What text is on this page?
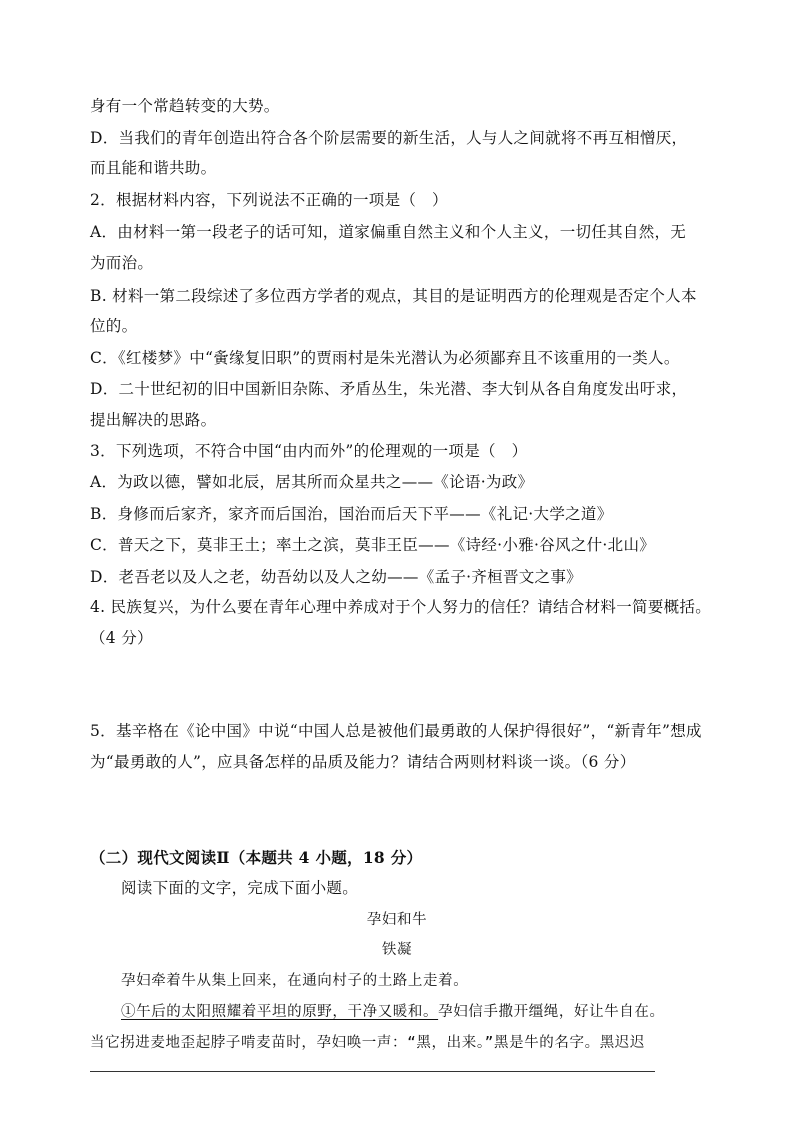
身有一个常趋转变的大势。
D．当我们的青年创造出符合各个阶层需要的新生活，人与人之间就将不再互相憎厌，
而且能和谐共助。
2．根据材料内容，下列说法不正确的一项是（　）
A．由材料一第一段老子的话可知，道家偏重自然主义和个人主义，一切任其自然，无
为而治。
B. 材料一第二段综述了多位西方学者的观点，其目的是证明西方的伦理观是否定个人本
位的。
C．《红楼梦》中“夤缘复旧职”的贾雨村是朱光潜认为必须鄙弃且不该重用的一类人。
D．二十世纪初的旧中国新旧杂陈、矛盾丛生，朱光潜、李大钊从各自角度发出吁求，
提出解决的思路。
3．下列选项，不符合中国“由内而外”的伦理观的一项是（　）
A．为政以德，譬如北辰，居其所而众星共之——《论语·为政》
B．身修而后家齐，家齐而后国治，国治而后天下平——《礼记·大学之道》
C．普天之下，莫非王土；率土之滨，莫非王臣——《诗经·小雅·谷风之什·北山》
D．老吾老以及人之老，幼吾幼以及人之幼——《孟子·齐桓晋文之事》
4. 民族复兴，为什么要在青年心理中养成对于个人努力的信任？请结合材料一简要概括。
（4 分）
5．基辛格在《论中国》中说“中国人总是被他们最勇敢的人保护得很好”，“新青年”想成
为“最勇敢的人”，应具备怎样的品质及能力？请结合两则材料谈一谈。（6 分）
（二）现代文阅读Ⅱ（本题共 4 小题，18 分）
阅读下面的文字，完成下面小题。
孕妇和牛
铁凝
孕妇牵着牛从集上回来，在通向村子的土路上走着。
①午后的太阳照耀着平坦的原野，干净又暖和。孕妇信手撒开缰绳，好让牛自在。
当它拐进麦地歪起脖子啃麦苗时，孕妇唤一声：“黑，出来。”黑是牛的名字。黑迟迟
